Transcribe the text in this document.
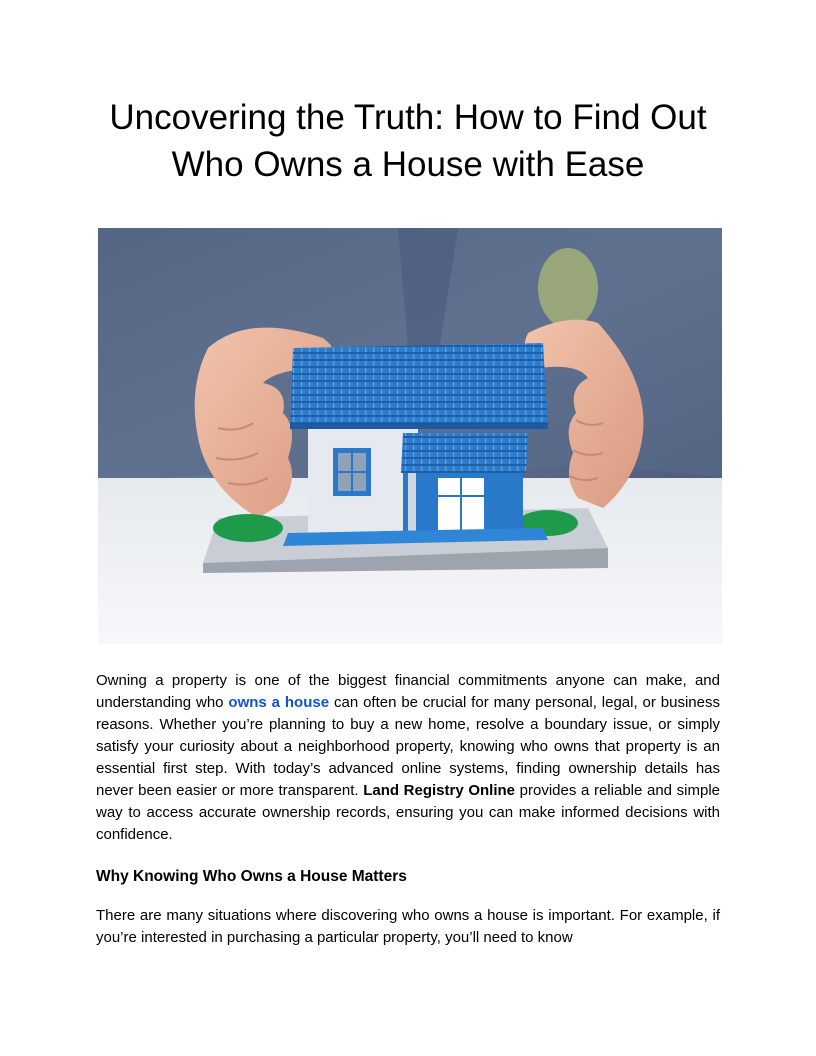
Uncovering the Truth: How to Find Out
Who Owns a House with Ease

Owning a property is one of the biggest financial commitments anyone can make, and understanding who owns a house can often be crucial for many personal, legal, or business reasons. Whether you’re planning to buy a new home, resolve a boundary issue, or simply satisfy your curiosity about a neighborhood property, knowing who owns that property is an essential first step. With today’s advanced online systems, finding ownership details has never been easier or more transparent. Land Registry Online provides a reliable and simple way to access accurate ownership records, ensuring you can make informed decisions with confidence.

Why Knowing Who Owns a House Matters

There are many situations where discovering who owns a house is important. For example, if you’re interested in purchasing a particular property, you’ll need to know
